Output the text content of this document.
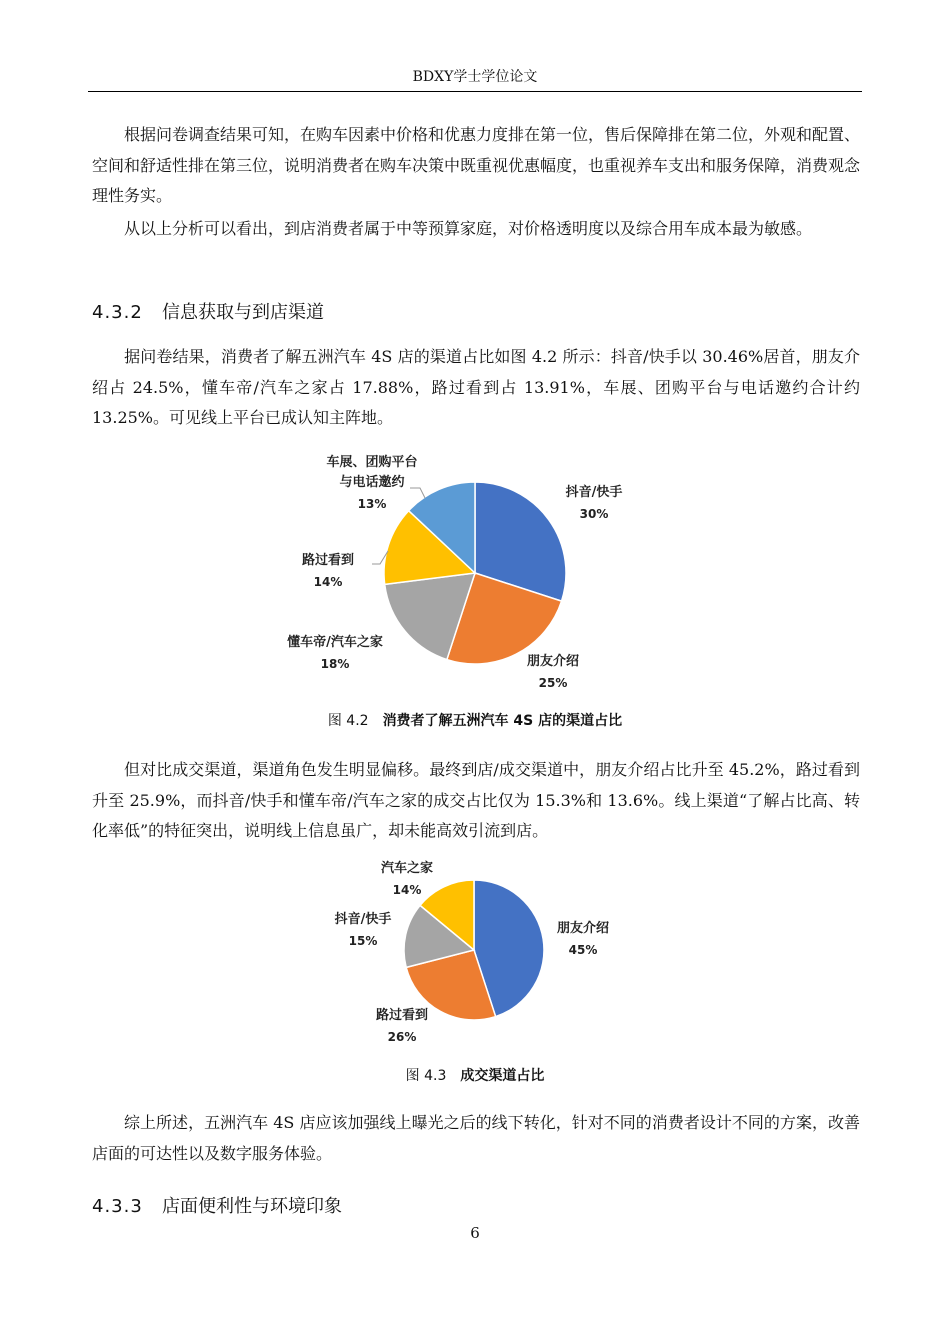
BDXY学士学位论文

根据问卷调查结果可知，在购车因素中价格和优惠力度排在第一位，售后保障排在第二位，外观和配置、空间和舒适性排在第三位，说明消费者在购车决策中既重视优惠幅度，也重视养车支出和服务保障，消费观念理性务实。

从以上分析可以看出，到店消费者属于中等预算家庭，对价格透明度以及综合用车成本最为敏感。

4.3.2 信息获取与到店渠道

据问卷结果，消费者了解五洲汽车 4S 店的渠道占比如图 4.2 所示：抖音/快手以 30.46%居首，朋友介绍占 24.5%，懂车帝/汽车之家占 17.88%，路过看到占 13.91%，车展、团购平台与电话邀约合计约 13.25%。可见线上平台已成认知主阵地。

抖音/快手
30%
朋友介绍
25%
懂车帝/汽车之家
18%
路过看到
14%
车展、团购平台
与电话邀约
13%
图 4.2 消费者了解五洲汽车 4S 店的渠道占比

但对比成交渠道，渠道角色发生明显偏移。最终到店/成交渠道中，朋友介绍占比升至 45.2%，路过看到升至 25.9%，而抖音/快手和懂车帝/汽车之家的成交占比仅为 15.3%和 13.6%。线上渠道“了解占比高、转化率低”的特征突出，说明线上信息虽广，却未能高效引流到店。

朋友介绍
45%
路过看到
26%
抖音/快手
15%
汽车之家
14%
图 4.3 成交渠道占比

综上所述，五洲汽车 4S 店应该加强线上曝光之后的线下转化，针对不同的消费者设计不同的方案，改善店面的可达性以及数字服务体验。

4.3.3 店面便利性与环境印象
6
